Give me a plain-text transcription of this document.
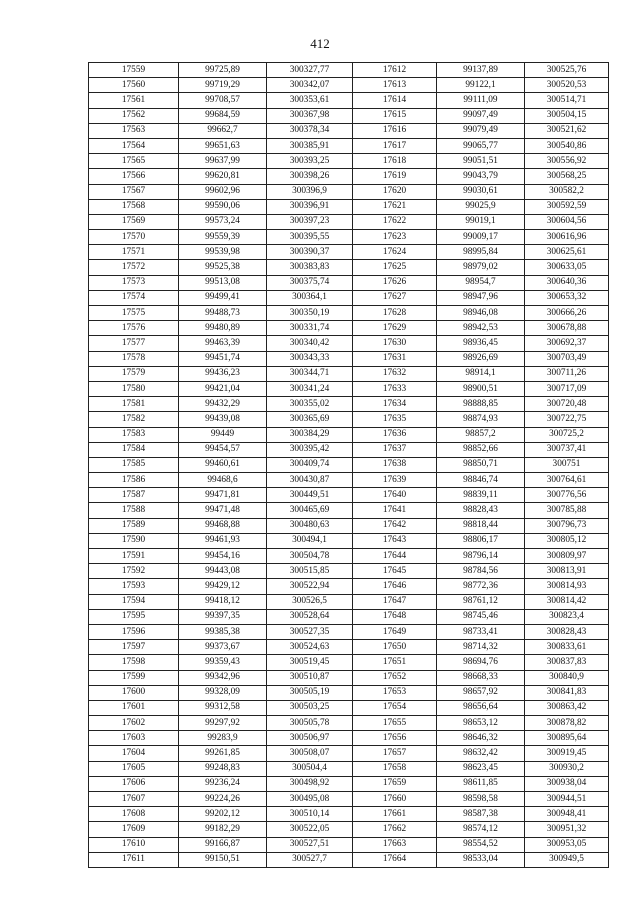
412
17559	99725,89	300327,77	17612	99137,89	300525,76
17560	99719,29	300342,07	17613	99122,1	300520,53
17561	99708,57	300353,61	17614	99111,09	300514,71
17562	99684,59	300367,98	17615	99097,49	300504,15
17563	99662,7	300378,34	17616	99079,49	300521,62
17564	99651,63	300385,91	17617	99065,77	300540,86
17565	99637,99	300393,25	17618	99051,51	300556,92
17566	99620,81	300398,26	17619	99043,79	300568,25
17567	99602,96	300396,9	17620	99030,61	300582,2
17568	99590,06	300396,91	17621	99025,9	300592,59
17569	99573,24	300397,23	17622	99019,1	300604,56
17570	99559,39	300395,55	17623	99009,17	300616,96
17571	99539,98	300390,37	17624	98995,84	300625,61
17572	99525,38	300383,83	17625	98979,02	300633,05
17573	99513,08	300375,74	17626	98954,7	300640,36
17574	99499,41	300364,1	17627	98947,96	300653,32
17575	99488,73	300350,19	17628	98946,08	300666,26
17576	99480,89	300331,74	17629	98942,53	300678,88
17577	99463,39	300340,42	17630	98936,45	300692,37
17578	99451,74	300343,33	17631	98926,69	300703,49
17579	99436,23	300344,71	17632	98914,1	300711,26
17580	99421,04	300341,24	17633	98900,51	300717,09
17581	99432,29	300355,02	17634	98888,85	300720,48
17582	99439,08	300365,69	17635	98874,93	300722,75
17583	99449	300384,29	17636	98857,2	300725,2
17584	99454,57	300395,42	17637	98852,66	300737,41
17585	99460,61	300409,74	17638	98850,71	300751
17586	99468,6	300430,87	17639	98846,74	300764,61
17587	99471,81	300449,51	17640	98839,11	300776,56
17588	99471,48	300465,69	17641	98828,43	300785,88
17589	99468,88	300480,63	17642	98818,44	300796,73
17590	99461,93	300494,1	17643	98806,17	300805,12
17591	99454,16	300504,78	17644	98796,14	300809,97
17592	99443,08	300515,85	17645	98784,56	300813,91
17593	99429,12	300522,94	17646	98772,36	300814,93
17594	99418,12	300526,5	17647	98761,12	300814,42
17595	99397,35	300528,64	17648	98745,46	300823,4
17596	99385,38	300527,35	17649	98733,41	300828,43
17597	99373,67	300524,63	17650	98714,32	300833,61
17598	99359,43	300519,45	17651	98694,76	300837,83
17599	99342,96	300510,87	17652	98668,33	300840,9
17600	99328,09	300505,19	17653	98657,92	300841,83
17601	99312,58	300503,25	17654	98656,64	300863,42
17602	99297,92	300505,78	17655	98653,12	300878,82
17603	99283,9	300506,97	17656	98646,32	300895,64
17604	99261,85	300508,07	17657	98632,42	300919,45
17605	99248,83	300504,4	17658	98623,45	300930,2
17606	99236,24	300498,92	17659	98611,85	300938,04
17607	99224,26	300495,08	17660	98598,58	300944,51
17608	99202,12	300510,14	17661	98587,38	300948,41
17609	99182,29	300522,05	17662	98574,12	300951,32
17610	99166,87	300527,51	17663	98554,52	300953,05
17611	99150,51	300527,7	17664	98533,04	300949,5
